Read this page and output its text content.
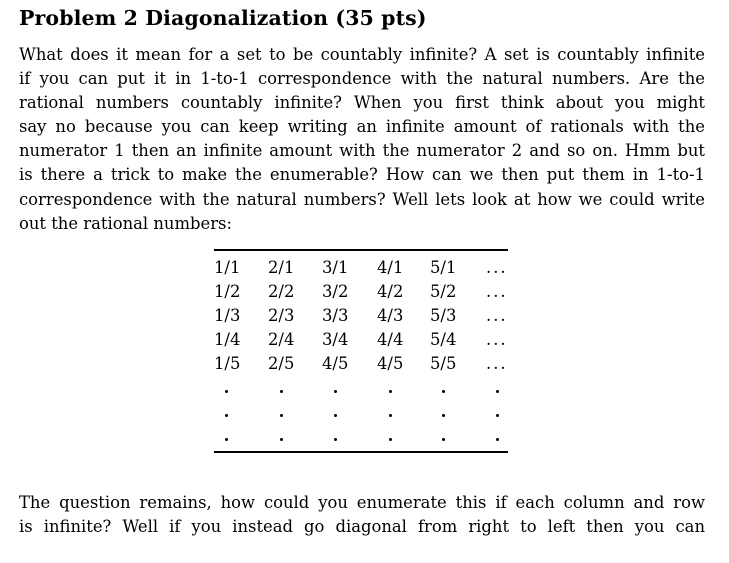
Problem 2 Diagonalization (35 pts)
What does it mean for a set to be countably infinite? A set is countably infinite
if you can put it in 1-to-1 correspondence with the natural numbers. Are the
rational numbers countably infinite? When you first think about you might
say no because you can keep writing an infinite amount of rationals with the
numerator 1 then an infinite amount with the numerator 2 and so on. Hmm but
is there a trick to make the enumerable? How can we then put them in 1-to-1
correspondence with the natural numbers? Well lets look at how we could write
out the rational numbers:
1/1 2/1 3/1 4/1 5/1 ...
1/2 2/2 3/2 4/2 5/2 ...
1/3 2/3 3/3 4/3 5/3 ...
1/4 2/4 3/4 4/4 5/4 ...
1/5 2/5 4/5 4/5 5/5 ...
The question remains, how could you enumerate this if each column and row
is infinite? Well if you instead go diagonal from right to left then you can
